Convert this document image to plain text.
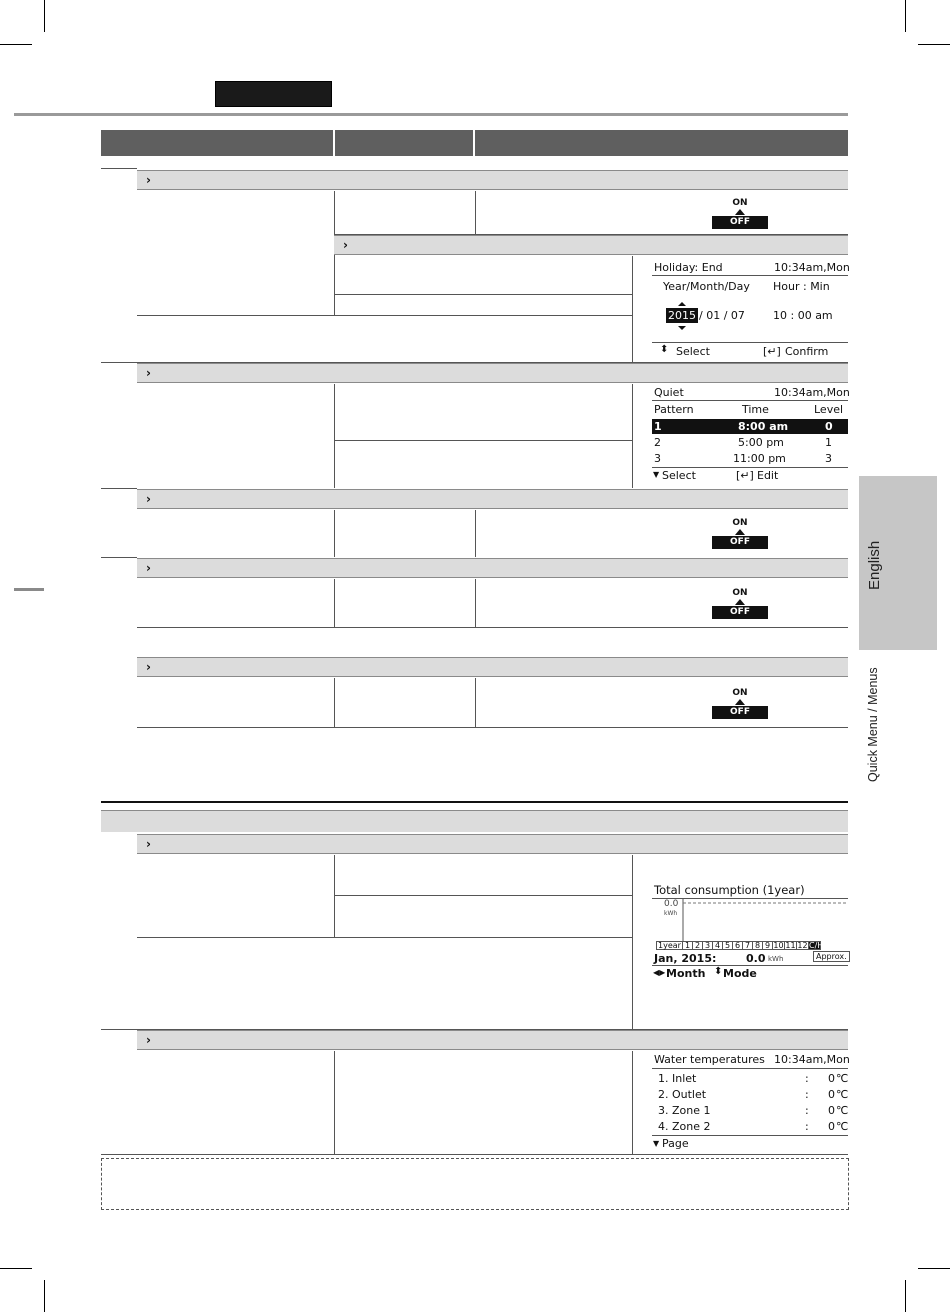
›
ON
OFF
›
Holiday: End	10:34am,Mon
Year/Month/Day Hour : Min
2015 / 01 / 07	10 : 00 am
⬍ Select	[↵] Confirm
›
Quiet	10:34am,Mon
Pattern	Time	Level
1	8:00 am	0
2	5:00 pm	1
3	11:00 pm	3
▼ Select	[↵] Edit
›
ON
OFF
›
ON
OFF
›
ON
OFF
›
Total consumption (1year)
0.0
kWh
1year 1 2 3 4 5 6 7 8 9 10 11 12 C/H
Jan, 2015:	0.0 kWh	Approx.
◀▶ Month ⬍ Mode
›
Water temperatures 10:34am,Mon
1. Inlet	: 0 ℃
2. Outlet	: 0 ℃
3. Zone 1	: 0 ℃
4. Zone 2	: 0 ℃
▼ Page
English
Quick Menu / Menus
